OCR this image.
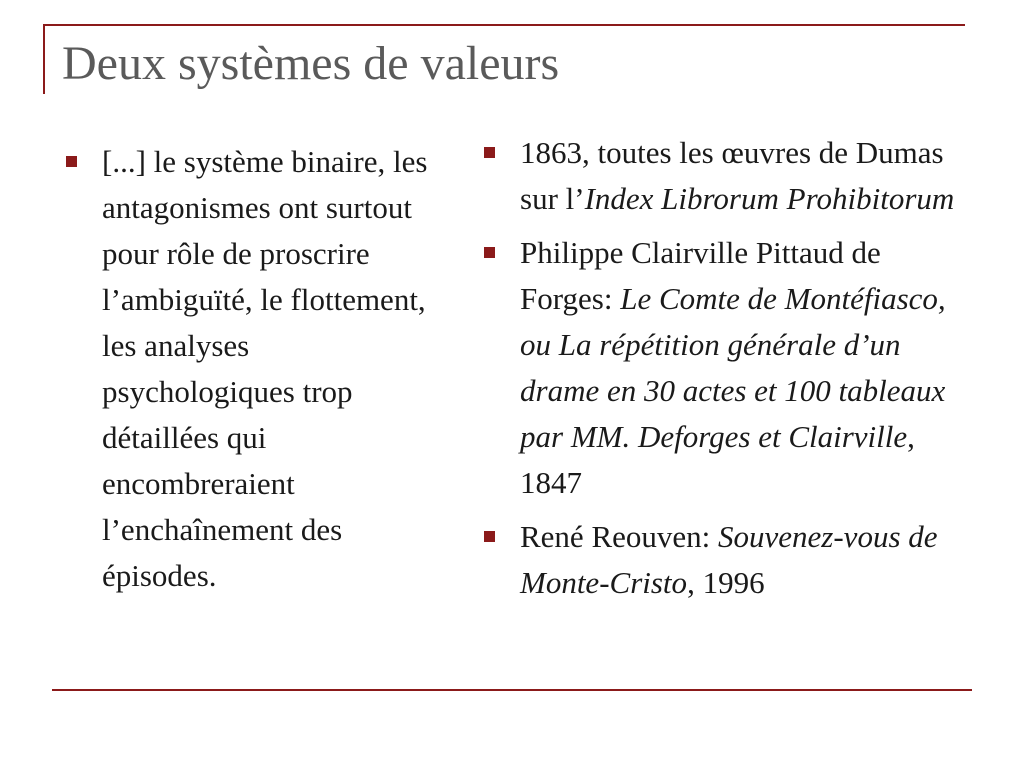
Deux systèmes de valeurs
[...] le système binaire, les antagonismes ont surtout pour rôle de proscrire l’ambiguïté, le flottement, les analyses psychologiques trop détaillées qui encombreraient l’enchaînement des épisodes.
1863, toutes les œuvres de Dumas sur l’Index Librorum Prohibitorum
Philippe Clairville Pittaud de Forges: Le Comte de Montéfiasco, ou La répétition générale d’un drame en 30 actes et 100 tableaux par MM. Deforges et Clairville, 1847
René Reouven: Souvenez-vous de Monte-Cristo, 1996
